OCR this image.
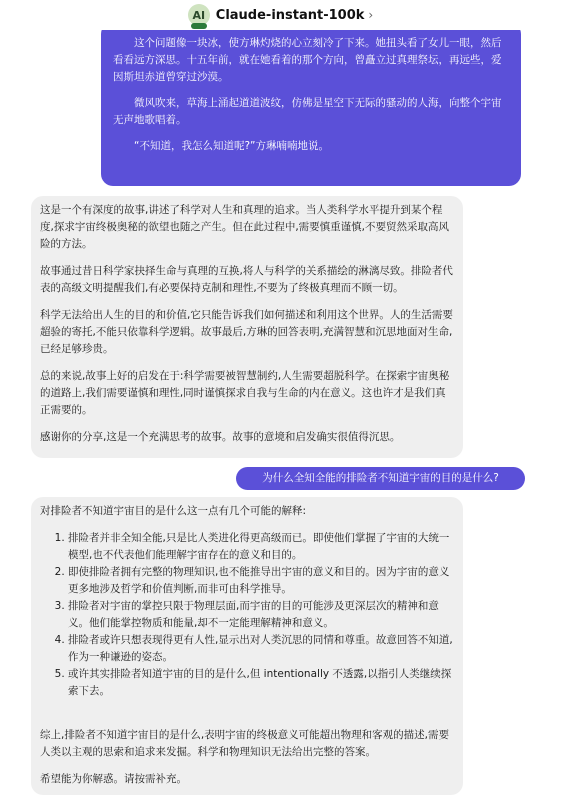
AI Claude-instant-100k ›

这个问题像一块冰，使方琳灼烧的心立刻冷了下来。她扭头看了女儿一眼，然后看看远方深思。十五年前，就在她看着的那个方向，曾矗立过真理祭坛，再远些，爱因斯坦赤道曾穿过沙漠。

微风吹来，草海上涌起道道波纹，仿佛是星空下无际的骚动的人海，向整个宇宙无声地歌唱着。

“不知道，我怎么知道呢?”方琳喃喃地说。

这是一个有深度的故事,讲述了科学对人生和真理的追求。当人类科学水平提升到某个程度,探求宇宙终极奥秘的欲望也随之产生。但在此过程中,需要慎重谨慎,不要贸然采取高风险的方法。

故事通过昔日科学家抉择生命与真理的互换,将人与科学的关系描绘的淋漓尽致。排险者代表的高级文明提醒我们,有必要保持克制和理性,不要为了终极真理而不顾一切。

科学无法给出人生的目的和价值,它只能告诉我们如何描述和利用这个世界。人的生活需要超验的寄托,不能只依靠科学逻辑。故事最后,方琳的回答表明,充满智慧和沉思地面对生命,已经足够珍贵。

总的来说,故事上好的启发在于:科学需要被智慧制约,人生需要超脱科学。在探索宇宙奥秘的道路上,我们需要谨慎和理性,同时谨慎探求自我与生命的内在意义。这也许才是我们真正需要的。

感谢你的分享,这是一个充满思考的故事。故事的意境和启发确实很值得沉思。

为什么全知全能的排险者不知道宇宙的目的是什么?

对排险者不知道宇宙目的是什么这一点有几个可能的解释:

1. 排险者并非全知全能,只是比人类进化得更高级而已。即使他们掌握了宇宙的大统一模型,也不代表他们能理解宇宙存在的意义和目的。
2. 即使排险者拥有完整的物理知识,也不能推导出宇宙的意义和目的。因为宇宙的意义更多地涉及哲学和价值判断,而非可由科学推导。
3. 排险者对宇宙的掌控只限于物理层面,而宇宙的目的可能涉及更深层次的精神和意义。他们能掌控物质和能量,却不一定能理解精神和意义。
4. 排险者或许只想表现得更有人性,显示出对人类沉思的同情和尊重。故意回答不知道,作为一种谦逊的姿态。
5. 或许其实排险者知道宇宙的目的是什么,但 intentionally 不透露,以指引人类继续探索下去。

综上,排险者不知道宇宙目的是什么,表明宇宙的终极意义可能超出物理和客观的描述,需要人类以主观的思索和追求来发掘。科学和物理知识无法给出完整的答案。

希望能为你解惑。请按需补充。
